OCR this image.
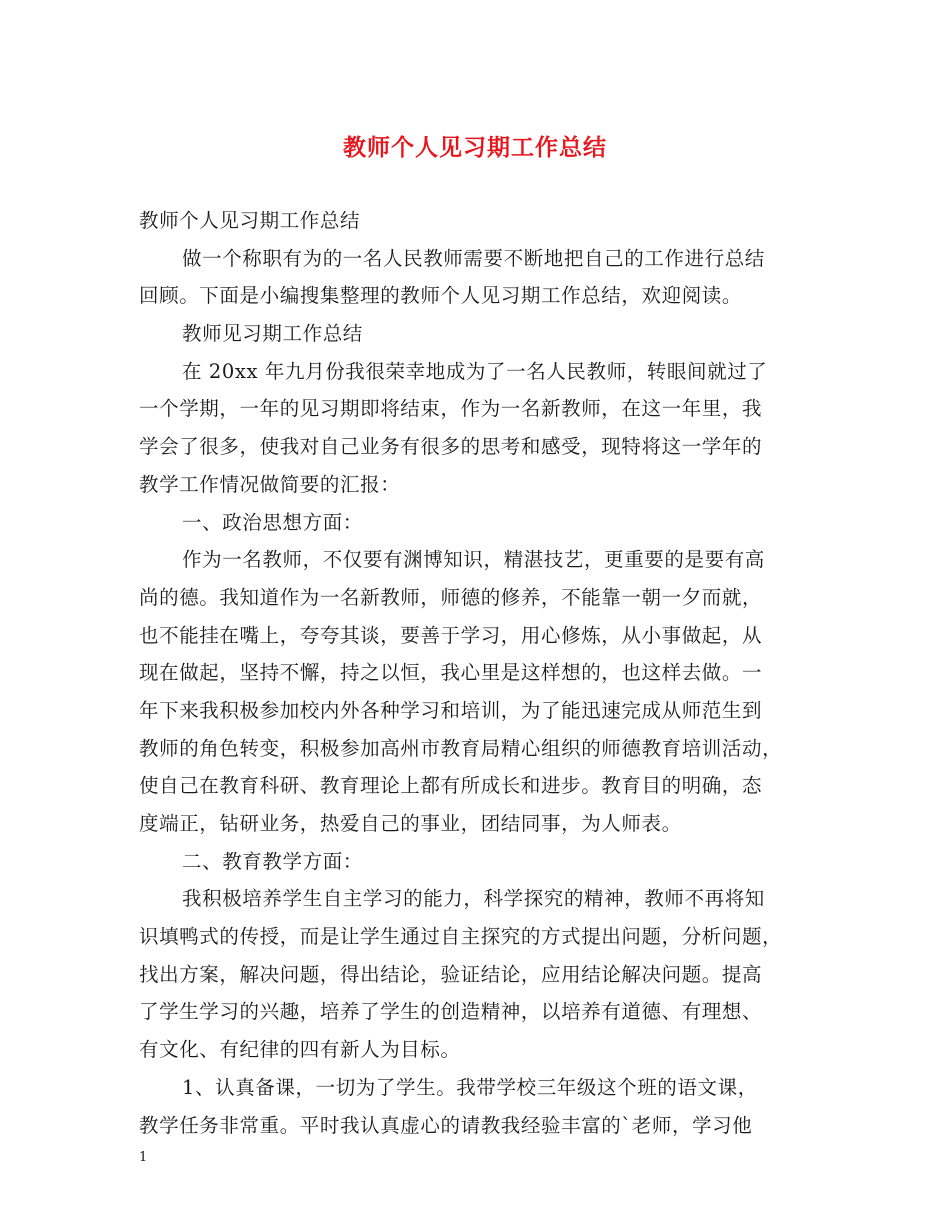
教师个人见习期工作总结
教师个人见习期工作总结
做一个称职有为的一名人民教师需要不断地把自己的工作进行总结
回顾。下面是小编搜集整理的教师个人见习期工作总结，欢迎阅读。
教师见习期工作总结
在 20xx 年九月份我很荣幸地成为了一名人民教师，转眼间就过了
一个学期，一年的见习期即将结束，作为一名新教师，在这一年里，我
学会了很多，使我对自己业务有很多的思考和感受，现特将这一学年的
教学工作情况做简要的汇报：
一、政治思想方面：
作为一名教师，不仅要有渊博知识，精湛技艺，更重要的是要有高
尚的德。我知道作为一名新教师，师德的修养，不能靠一朝一夕而就，
也不能挂在嘴上，夸夸其谈，要善于学习，用心修炼，从小事做起，从
现在做起，坚持不懈，持之以恒，我心里是这样想的，也这样去做。一
年下来我积极参加校内外各种学习和培训，为了能迅速完成从师范生到
教师的角色转变，积极参加高州市教育局精心组织的师德教育培训活动，
使自己在教育科研、教育理论上都有所成长和进步。教育目的明确，态
度端正，钻研业务，热爱自己的事业，团结同事，为人师表。
二、教育教学方面：
我积极培养学生自主学习的能力，科学探究的精神，教师不再将知
识填鸭式的传授，而是让学生通过自主探究的方式提出问题，分析问题，
找出方案，解决问题，得出结论，验证结论，应用结论解决问题。提高
了学生学习的兴趣，培养了学生的创造精神，以培养有道德、有理想、
有文化、有纪律的四有新人为目标。
1、认真备课，一切为了学生。我带学校三年级这个班的语文课，
教学任务非常重。平时我认真虚心的请教我经验丰富的`老师，学习他
1
